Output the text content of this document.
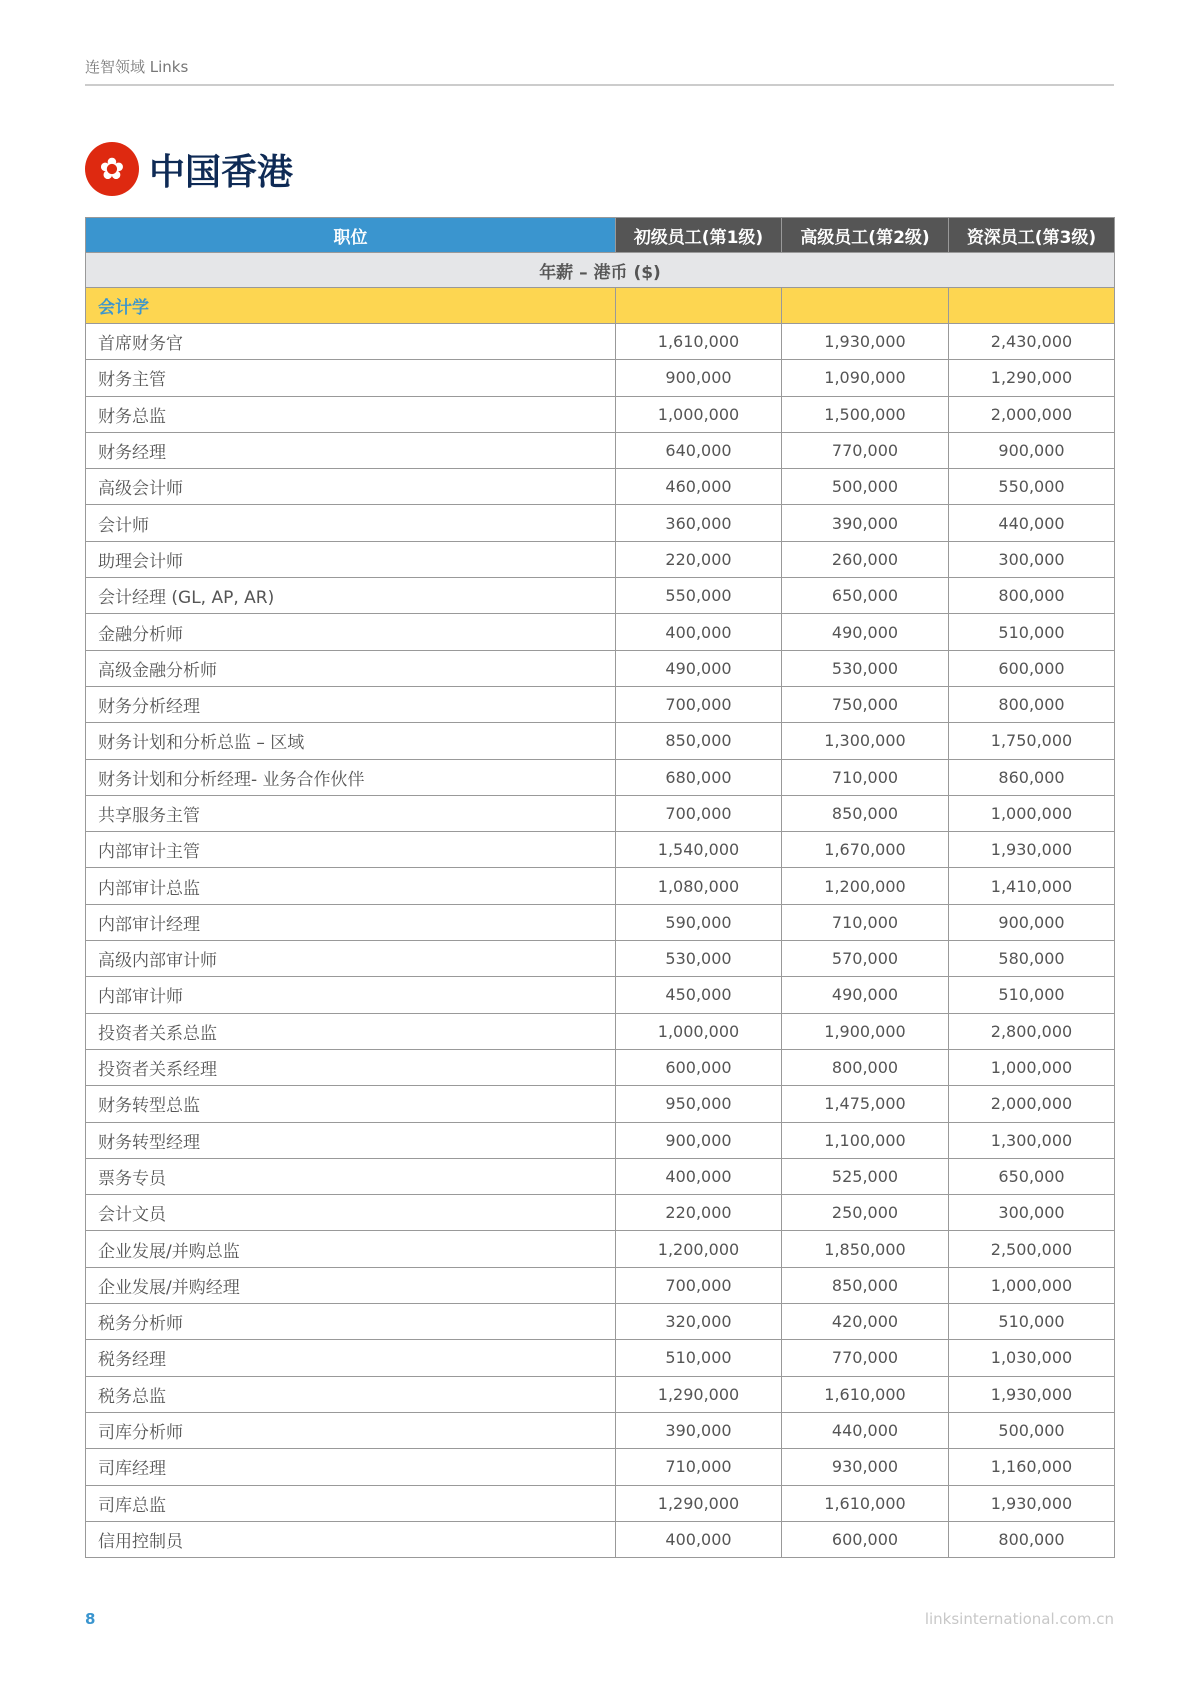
连智领域 Links
✿ 中国香港
职位	初级员工(第1级)	高级员工(第2级)	资深员工(第3级)
年薪 – 港币 ($)			
会计学			
首席财务官	1,610,000	1,930,000	2,430,000
财务主管	900,000	1,090,000	1,290,000
财务总监	1,000,000	1,500,000	2,000,000
财务经理	640,000	770,000	900,000
高级会计师	460,000	500,000	550,000
会计师	360,000	390,000	440,000
助理会计师	220,000	260,000	300,000
会计经理 (GL, AP, AR)	550,000	650,000	800,000
金融分析师	400,000	490,000	510,000
高级金融分析师	490,000	530,000	600,000
财务分析经理	700,000	750,000	800,000
财务计划和分析总监 – 区域	850,000	1,300,000	1,750,000
财务计划和分析经理- 业务合作伙伴	680,000	710,000	860,000
共享服务主管	700,000	850,000	1,000,000
内部审计主管	1,540,000	1,670,000	1,930,000
内部审计总监	1,080,000	1,200,000	1,410,000
内部审计经理	590,000	710,000	900,000
高级内部审计师	530,000	570,000	580,000
内部审计师	450,000	490,000	510,000
投资者关系总监	1,000,000	1,900,000	2,800,000
投资者关系经理	600,000	800,000	1,000,000
财务转型总监	950,000	1,475,000	2,000,000
财务转型经理	900,000	1,100,000	1,300,000
票务专员	400,000	525,000	650,000
会计文员	220,000	250,000	300,000
企业发展/并购总监	1,200,000	1,850,000	2,500,000
企业发展/并购经理	700,000	850,000	1,000,000
税务分析师	320,000	420,000	510,000
税务经理	510,000	770,000	1,030,000
税务总监	1,290,000	1,610,000	1,930,000
司库分析师	390,000	440,000	500,000
司库经理	710,000	930,000	1,160,000
司库总监	1,290,000	1,610,000	1,930,000
信用控制员	400,000	600,000	800,000
8	linksinternational.com.cn
